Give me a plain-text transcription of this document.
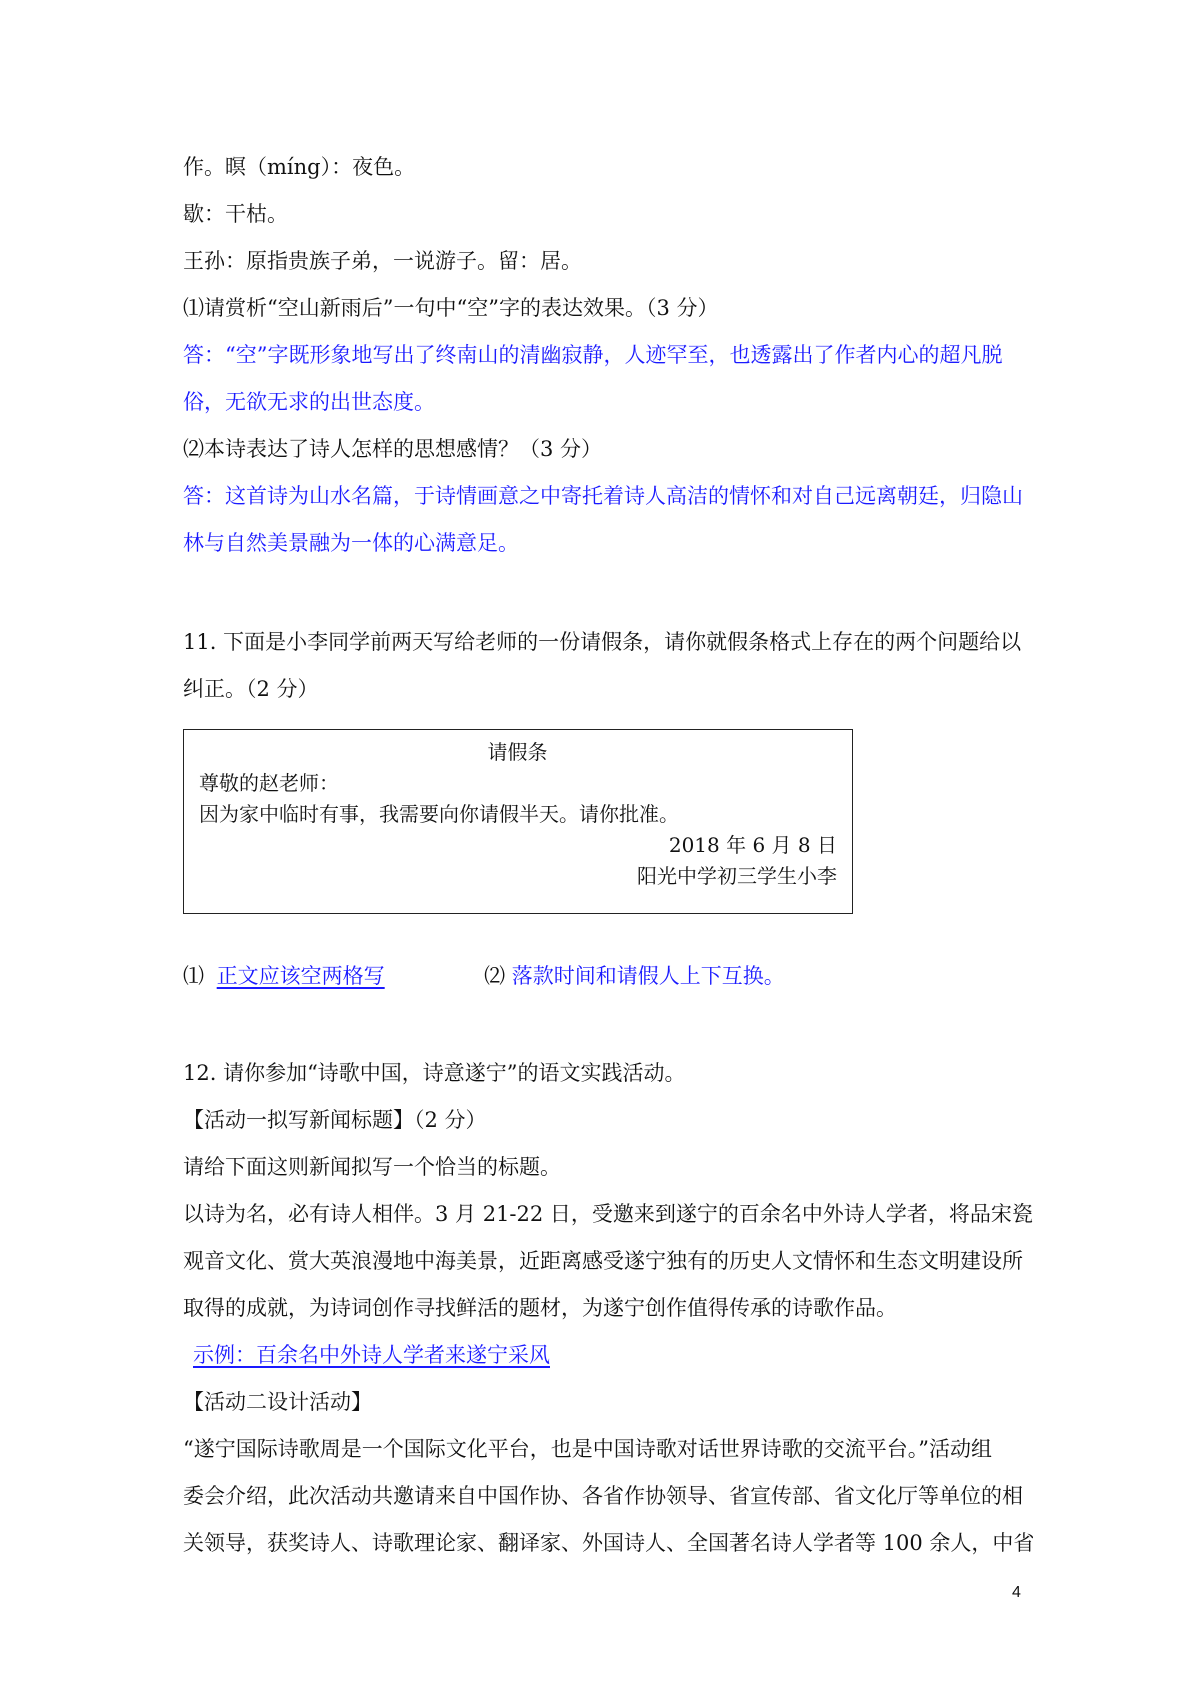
作。暝（míng）：夜色。
歇：干枯。
王孙：原指贵族子弟，一说游子。留：居。
⑴请赏析“空山新雨后”一句中“空”字的表达效果。（3 分）
答：“空”字既形象地写出了终南山的清幽寂静，人迹罕至，也透露出了作者内心的超凡脱
俗，无欲无求的出世态度。
⑵本诗表达了诗人怎样的思想感情？（3 分）
答：这首诗为山水名篇，于诗情画意之中寄托着诗人高洁的情怀和对自己远离朝廷，归隐山
林与自然美景融为一体的心满意足。
11. 下面是小李同学前两天写给老师的一份请假条，请你就假条格式上存在的两个问题给以
纠正。（2 分）
请假条
尊敬的赵老师：
因为家中临时有事，我需要向你请假半天。请你批准。
2018 年 6 月 8 日
阳光中学初三学生小李
⑴ 正文应该空两格写	⑵ 落款时间和请假人上下互换。
12. 请你参加“诗歌中国，诗意遂宁”的语文实践活动。
【活动一拟写新闻标题】（2 分）
请给下面这则新闻拟写一个恰当的标题。
以诗为名，必有诗人相伴。3 月 21-22 日，受邀来到遂宁的百余名中外诗人学者，将品宋瓷
观音文化、赏大英浪漫地中海美景，近距离感受遂宁独有的历史人文情怀和生态文明建设所
取得的成就，为诗词创作寻找鲜活的题材，为遂宁创作值得传承的诗歌作品。
示例：百余名中外诗人学者来遂宁采风
【活动二设计活动】
“遂宁国际诗歌周是一个国际文化平台，也是中国诗歌对话世界诗歌的交流平台。”活动组
委会介绍，此次活动共邀请来自中国作协、各省作协领导、省宣传部、省文化厅等单位的相
关领导，获奖诗人、诗歌理论家、翻译家、外国诗人、全国著名诗人学者等 100 余人，中省
4
